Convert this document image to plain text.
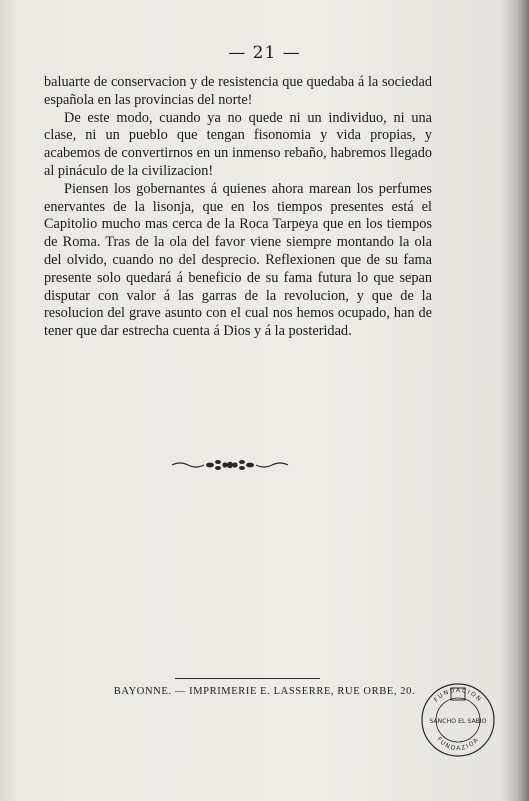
— 21 —

baluarte de conservacion y de resistencia que quedaba á la sociedad española en las provincias del norte!

De este modo, cuando ya no quede ni un individuo, ni una clase, ni un pueblo que tengan fisonomia y vida propias, y acabemos de convertirnos en un inmenso rebaño, habremos llegado al pináculo de la civilizacion!

Piensen los gobernantes á quienes ahora marean los perfumes enervantes de la lisonja, que en los tiempos presentes está el Capitolio mucho mas cerca de la Roca Tarpeya que en los tiempos de Roma. Tras de la ola del favor viene siempre montando la ola del olvido, cuando no del desprecio. Reflexionen que de su fama presente solo quedará á beneficio de su fama futura lo que sepan disputar con valor á las garras de la revolucion, y que de la resolucion del grave asunto con el cual nos hemos ocupado, han de tener que dar estrecha cuenta á Dios y á la posteridad.

BAYONNE. — IMPRIMERIE E. LASSERRE, RUE ORBE, 20.
FUNDACION
SANCHO EL SABIO
FUNDAZIOA
